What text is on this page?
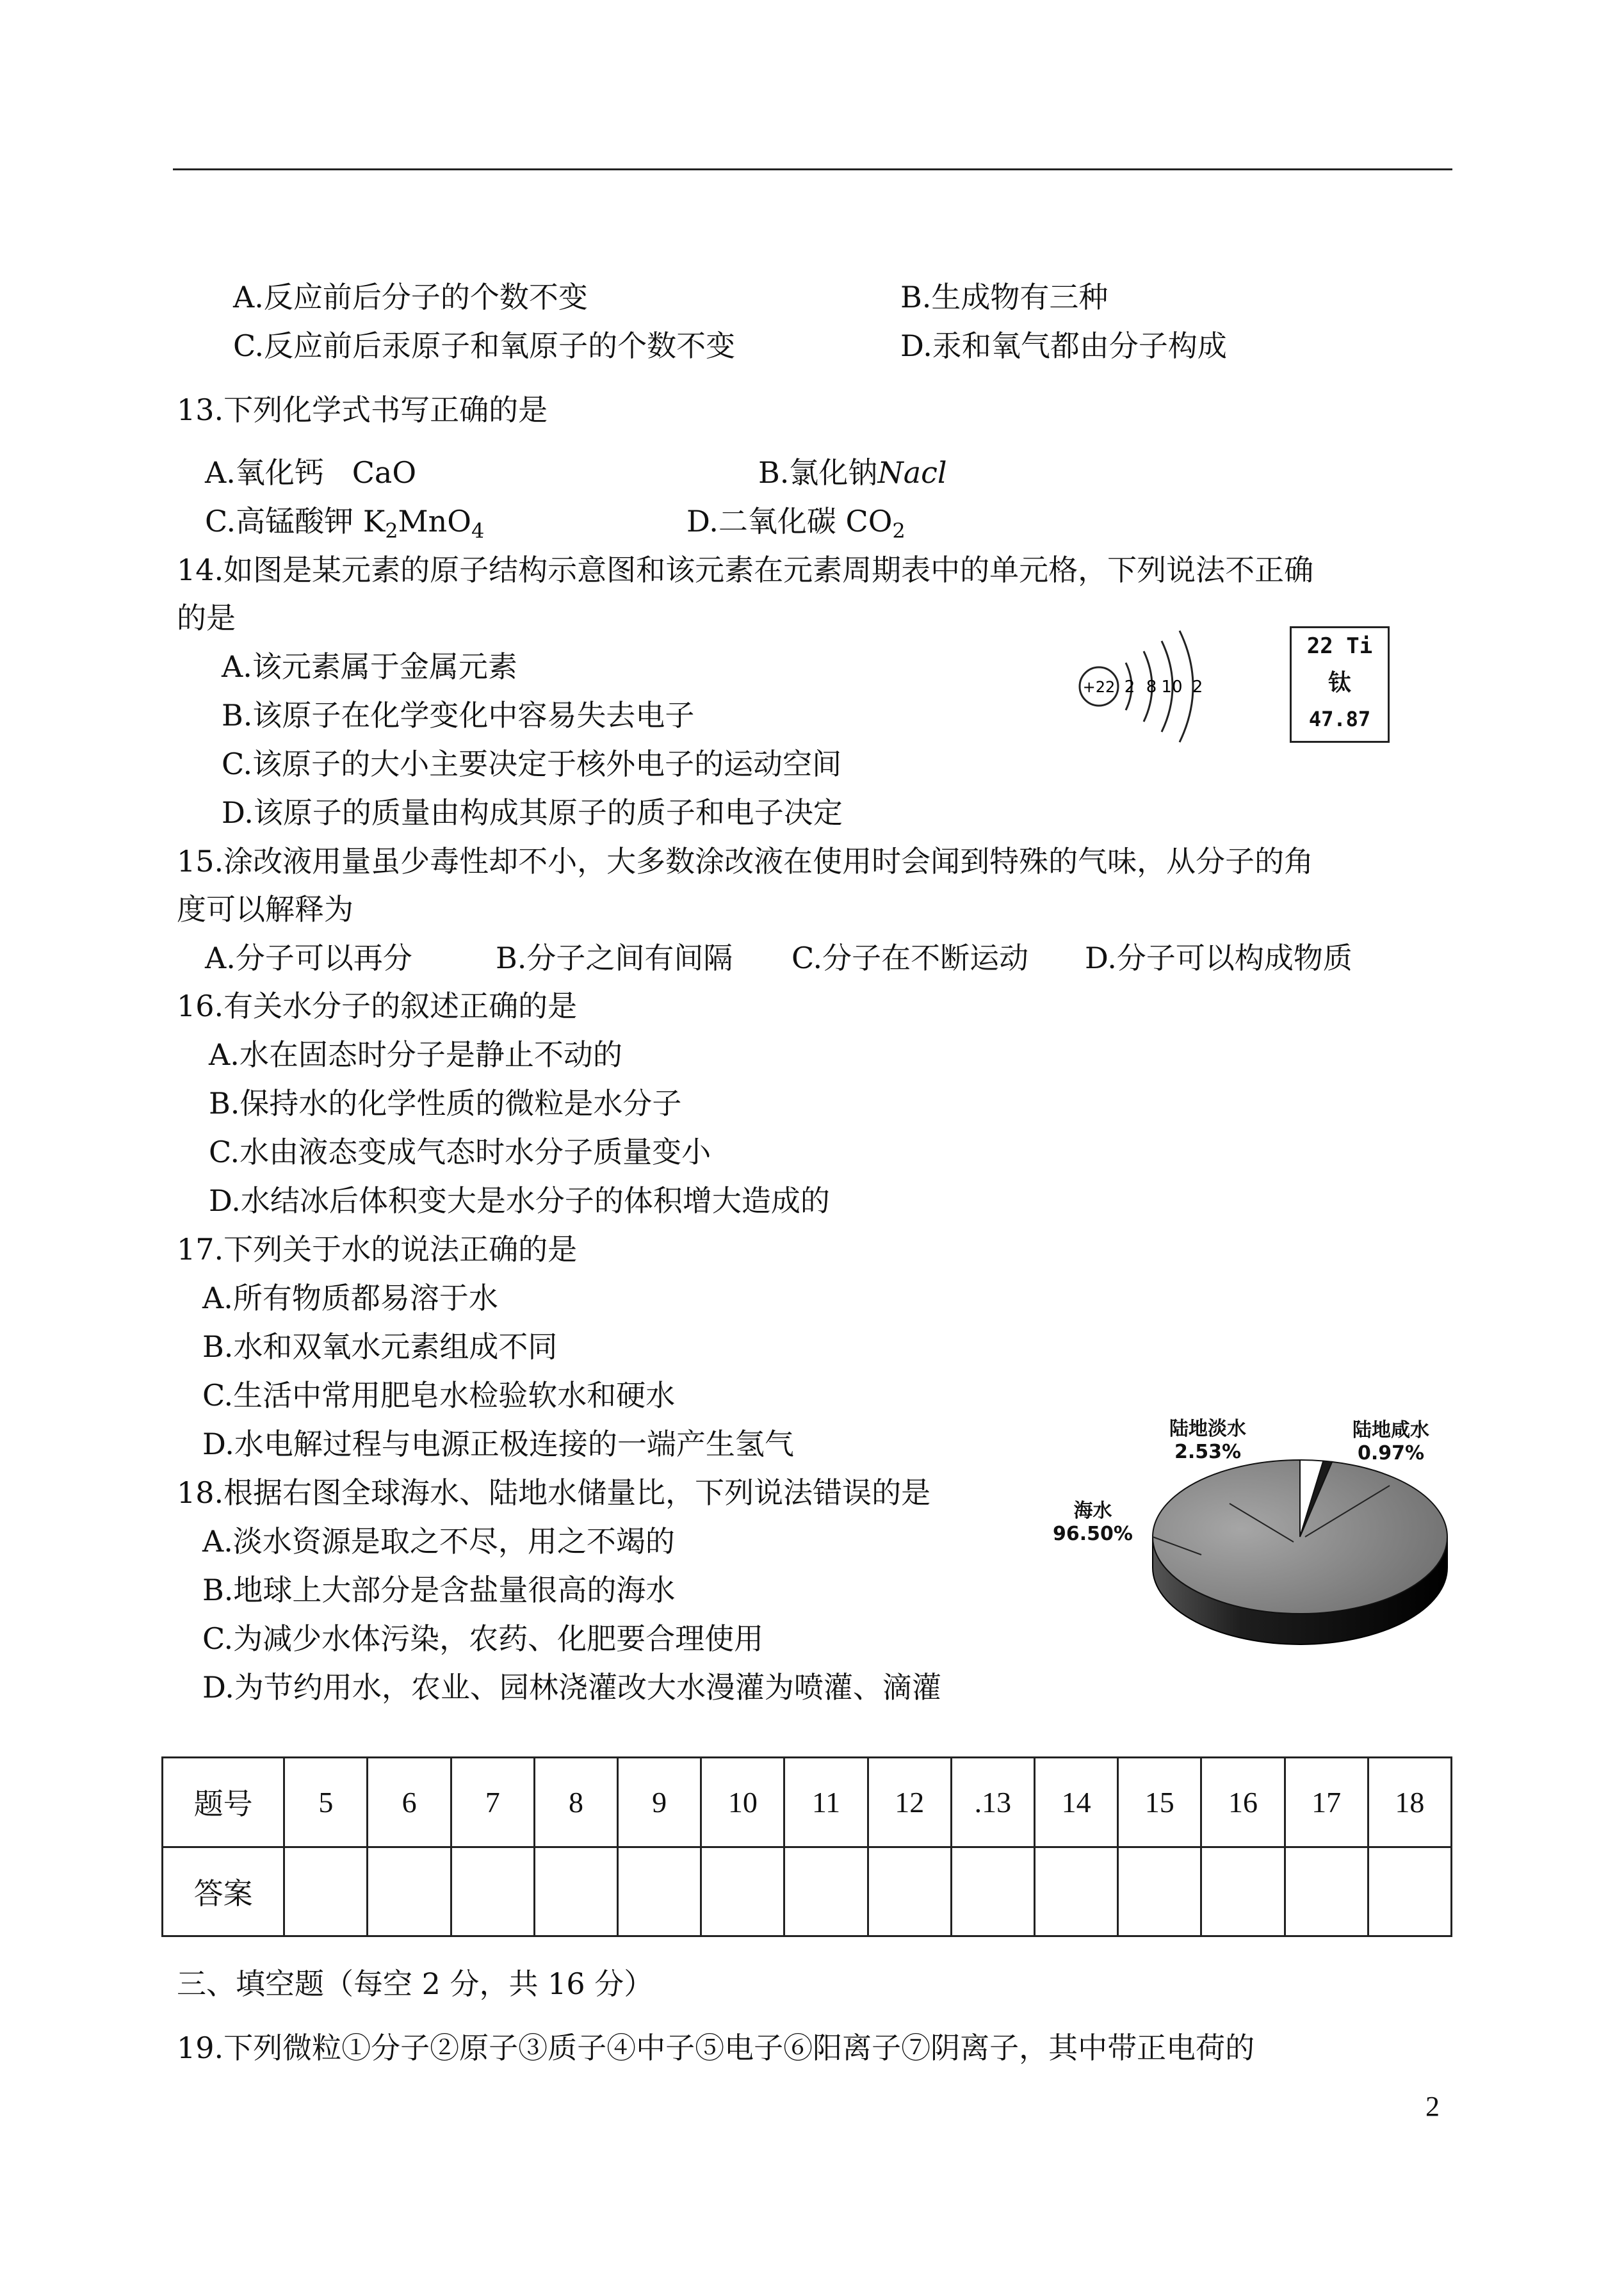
A.反应前后分子的个数不变	B.生成物有三种
C.反应前后汞原子和氧原子的个数不变	D.汞和氧气都由分子构成
13.下列化学式书写正确的是
A.氧化钙 CaO	B.氯化钠Nacl
C.高锰酸钾 $K_2MnO_4$	D.二氧化碳 $CO_2$
14.如图是某元素的原子结构示意图和该元素在元素周期表中的单元格，下列说法不正确
的是
A.该元素属于金属元素
B.该原子在化学变化中容易失去电子
C.该原子的大小主要决定于核外电子的运动空间
D.该原子的质量由构成其原子的质子和电子决定
+22 2 8 10 2
22 Ti
钛
47.87
15.涂改液用量虽少毒性却不小，大多数涂改液在使用时会闻到特殊的气味，从分子的角
度可以解释为
A.分子可以再分	B.分子之间有间隔 C.分子在不断运动 D.分子可以构成物质
16.有关水分子的叙述正确的是
A.水在固态时分子是静止不动的
B.保持水的化学性质的微粒是水分子
C.水由液态变成气态时水分子质量变小
D.水结冰后体积变大是水分子的体积增大造成的
17.下列关于水的说法正确的是
A.所有物质都易溶于水
B.水和双氧水元素组成不同
C.生活中常用肥皂水检验软水和硬水
D.水电解过程与电源正极连接的一端产生氢气
18.根据右图全球海水、陆地水储量比，下列说法错误的是
A.淡水资源是取之不尽，用之不竭的
B.地球上大部分是含盐量很高的海水
C.为减少水体污染，农药、化肥要合理使用
D.为节约用水，农业、园林浇灌改大水漫灌为喷灌、滴灌
陆地淡水
2.53%
陆地咸水
0.97%
海水
96.50%
题号	5	6	7	8	9	10	11	12	.13	14	15	16	17	18
答案														
三、填空题（每空 2 分，共 16 分）
19.下列微粒①分子②原子③质子④中子⑤电子⑥阳离子⑦阴离子，其中带正电荷的
2
